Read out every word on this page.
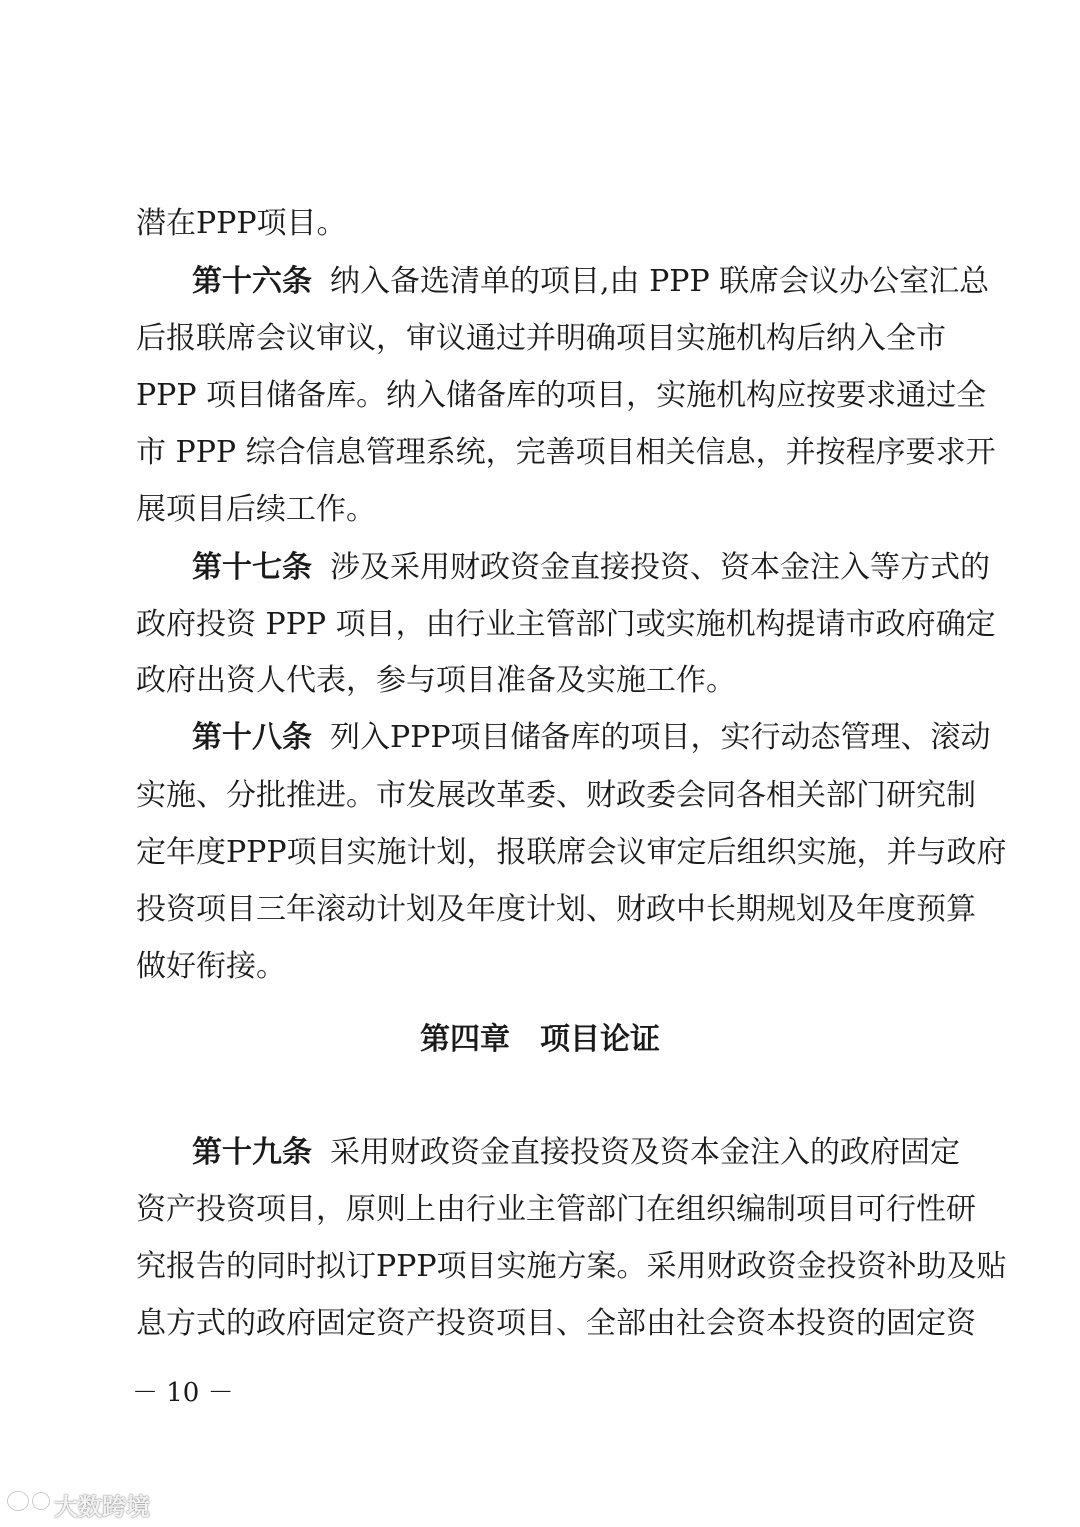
潜在PPP项目。
第十六条 纳入备选清单的项目,由 PPP 联席会议办公室汇总
后报联席会议审议，审议通过并明确项目实施机构后纳入全市
PPP 项目储备库。纳入储备库的项目，实施机构应按要求通过全
市 PPP 综合信息管理系统，完善项目相关信息，并按程序要求开
展项目后续工作。
第十七条 涉及采用财政资金直接投资、资本金注入等方式的
政府投资 PPP 项目，由行业主管部门或实施机构提请市政府确定
政府出资人代表，参与项目准备及实施工作。
第十八条 列入PPP项目储备库的项目，实行动态管理、滚动
实施、分批推进。市发展改革委、财政委会同各相关部门研究制
定年度PPP项目实施计划，报联席会议审定后组织实施，并与政府
投资项目三年滚动计划及年度计划、财政中长期规划及年度预算
做好衔接。
第四章　项目论证
第十九条 采用财政资金直接投资及资本金注入的政府固定
资产投资项目，原则上由行业主管部门在组织编制项目可行性研
究报告的同时拟订PPP项目实施方案。采用财政资金投资补助及贴
息方式的政府固定资产投资项目、全部由社会资本投资的固定资
－ 10 －
大数跨境
